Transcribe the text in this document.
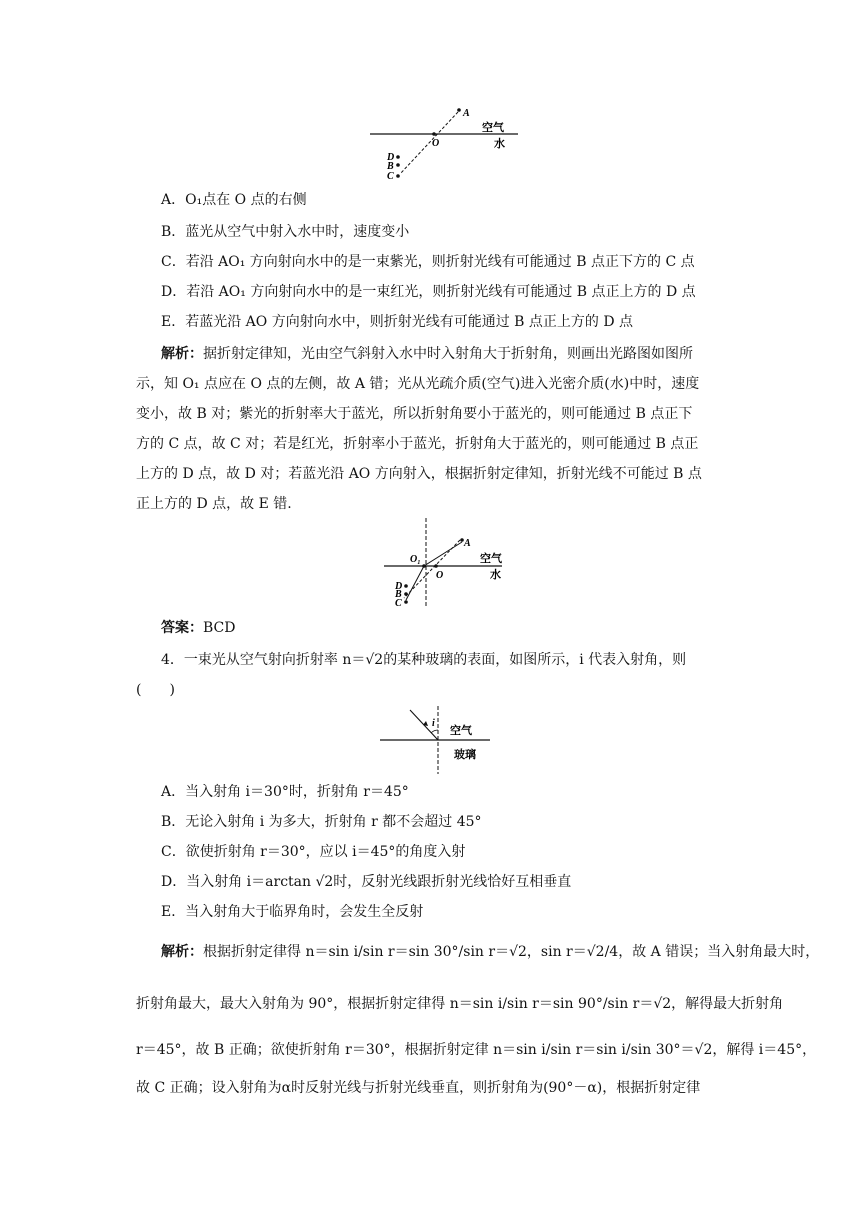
A
O
空气
水
D
B
C
A．O₁点在 O 点的右侧
B．蓝光从空气中射入水中时，速度变小
C．若沿 AO₁ 方向射向水中的是一束紫光，则折射光线有可能通过 B 点正下方的 C 点
D．若沿 AO₁ 方向射向水中的是一束红光，则折射光线有可能通过 B 点正上方的 D 点
E．若蓝光沿 AO 方向射向水中，则折射光线有可能通过 B 点正上方的 D 点
解析：据折射定律知，光由空气斜射入水中时入射角大于折射角，则画出光路图如图所
示，知 O₁ 点应在 O 点的左侧，故 A 错；光从光疏介质(空气)进入光密介质(水)中时，速度
变小，故 B 对；紫光的折射率大于蓝光，所以折射角要小于蓝光的，则可能通过 B 点正下
方的 C 点，故 C 对；若是红光，折射率小于蓝光，折射角大于蓝光的，则可能通过 B 点正
上方的 D 点，故 D 对；若蓝光沿 AO 方向射入，根据折射定律知，折射光线不可能过 B 点
正上方的 D 点，故 E 错.
A
O₁
O
空气
水
D
B
C
答案：BCD
4．一束光从空气射向折射率 n＝√2的某种玻璃的表面，如图所示，i 代表入射角，则
(　　)
i
空气
玻璃
A．当入射角 i＝30°时，折射角 r＝45°
B．无论入射角 i 为多大，折射角 r 都不会超过 45°
C．欲使折射角 r＝30°，应以 i＝45°的角度入射
D．当入射角 i＝arctan √2时，反射光线跟折射光线恰好互相垂直
E．当入射角大于临界角时，会发生全反射
解析：根据折射定律得 n＝sin i/sin r＝sin 30°/sin r＝√2，sin r＝√2/4，故 A 错误；当入射角最大时，
折射角最大，最大入射角为 90°，根据折射定律得 n＝sin i/sin r＝sin 90°/sin r＝√2，解得最大折射角
r＝45°，故 B 正确；欲使折射角 r＝30°，根据折射定律 n＝sin i/sin r＝sin i/sin 30°＝√2，解得 i＝45°，
故 C 正确；设入射角为α时反射光线与折射光线垂直，则折射角为(90°－α)，根据折射定律
